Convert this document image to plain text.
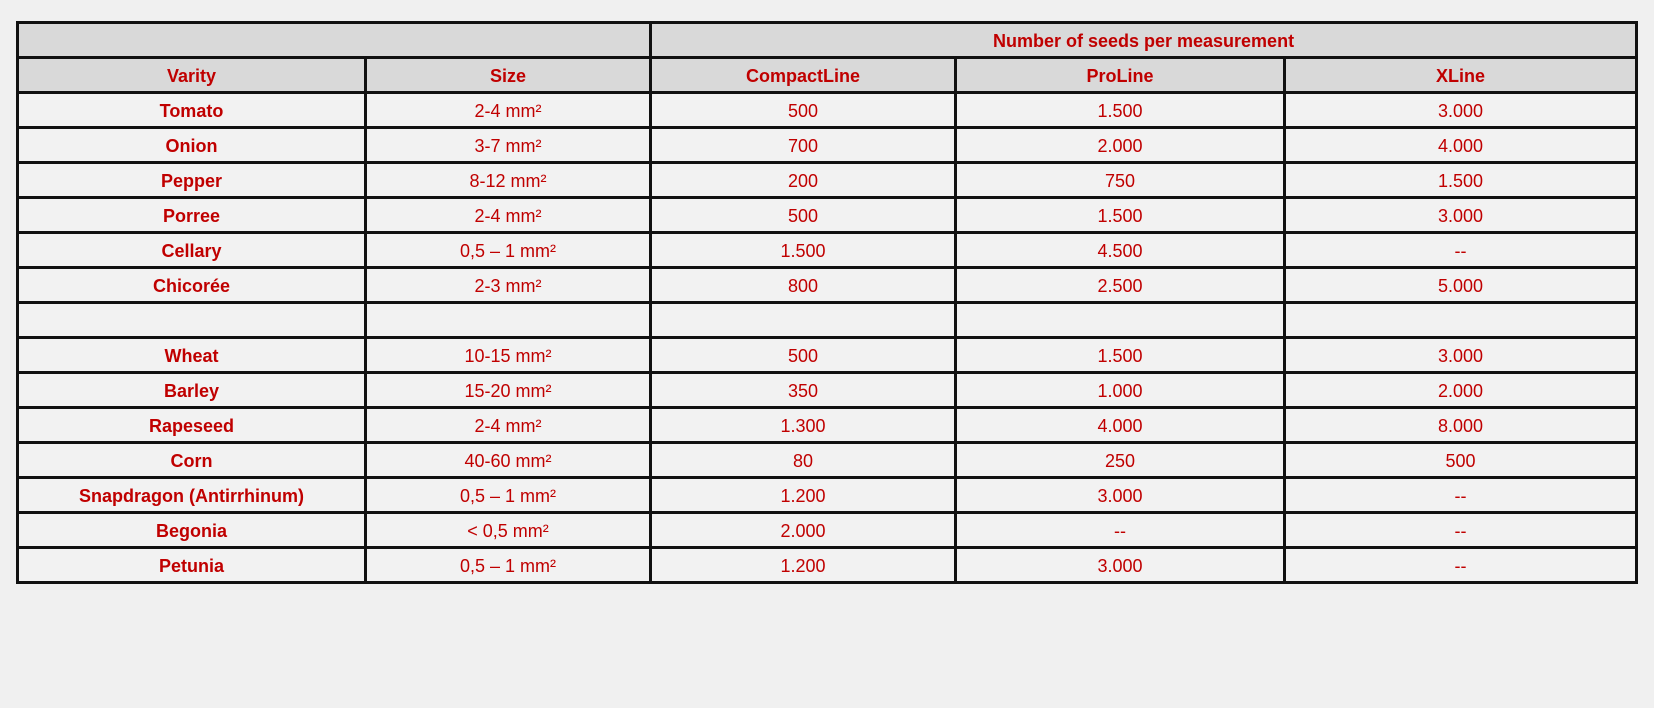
		Number of seeds per measurement		
Varity	Size	CompactLine	ProLine	XLine
Tomato	2-4 mm²	500	1.500	3.000
Onion	3-7 mm²	700	2.000	4.000
Pepper	8-12 mm²	200	750	1.500
Porree	2-4 mm²	500	1.500	3.000
Cellary	0,5 – 1 mm²	1.500	4.500	--
Chicorée	2-3 mm²	800	2.500	5.000

Wheat	10-15 mm²	500	1.500	3.000
Barley	15-20 mm²	350	1.000	2.000
Rapeseed	2-4 mm²	1.300	4.000	8.000
Corn	40-60 mm²	80	250	500
Snapdragon (Antirrhinum)	0,5 – 1 mm²	1.200	3.000	--
Begonia	< 0,5 mm²	2.000	--	--
Petunia	0,5 – 1 mm²	1.200	3.000	--
